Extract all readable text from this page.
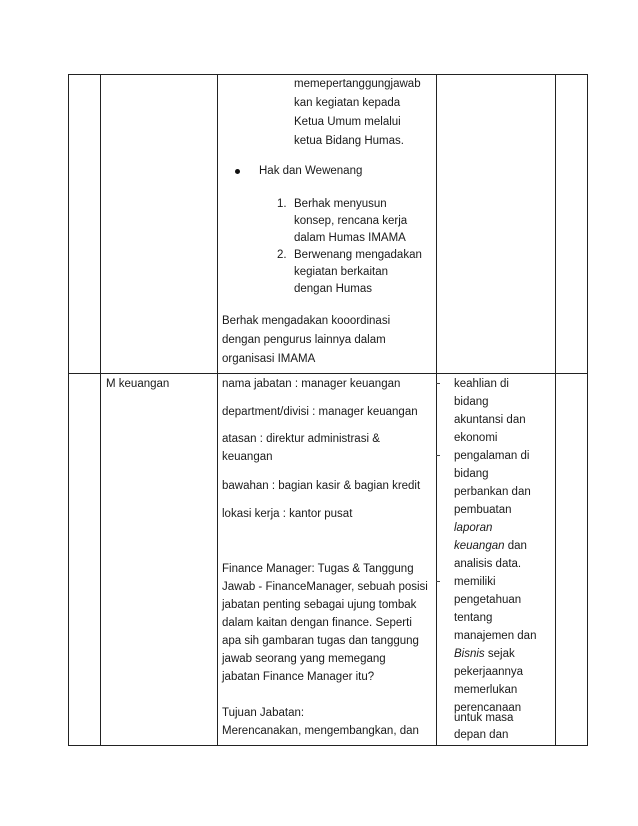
memepertanggungjawab
kan kegiatan kepada
Ketua Umum melalui
ketua Bidang Humas.
Hak dan Wewenang
1. Berhak menyusun
konsep, rencana kerja
dalam Humas IMAMA
2. Berwenang mengadakan
kegiatan berkaitan
dengan Humas
Berhak mengadakan kooordinasi
dengan pengurus lainnya dalam
organisasi IMAMA
M keuangan	nama jabatan : manager keuangan
department/divisi : manager keuangan
atasan : direktur administrasi &
keuangan
bawahan : bagian kasir & bagian kredit
lokasi kerja : kantor pusat
Finance Manager: Tugas & Tanggung
Jawab - FinanceManager, sebuah posisi
jabatan penting sebagai ujung tombak
dalam kaitan dengan finance. Seperti
apa sih gambaran tugas dan tanggung
jawab seorang yang memegang
jabatan Finance Manager itu?
Tujuan Jabatan:
Merencanakan, mengembangkan, dan
keahlian di
bidang
akuntansi dan
ekonomi
pengalaman di
bidang
perbankan dan
pembuatan
laporan
keuangan dan
analisis data.
memiliki
pengetahuan
tentang
manajemen dan
Bisnis sejak
pekerjaannya
memerlukan
perencanaan
untuk masa
depan dan
